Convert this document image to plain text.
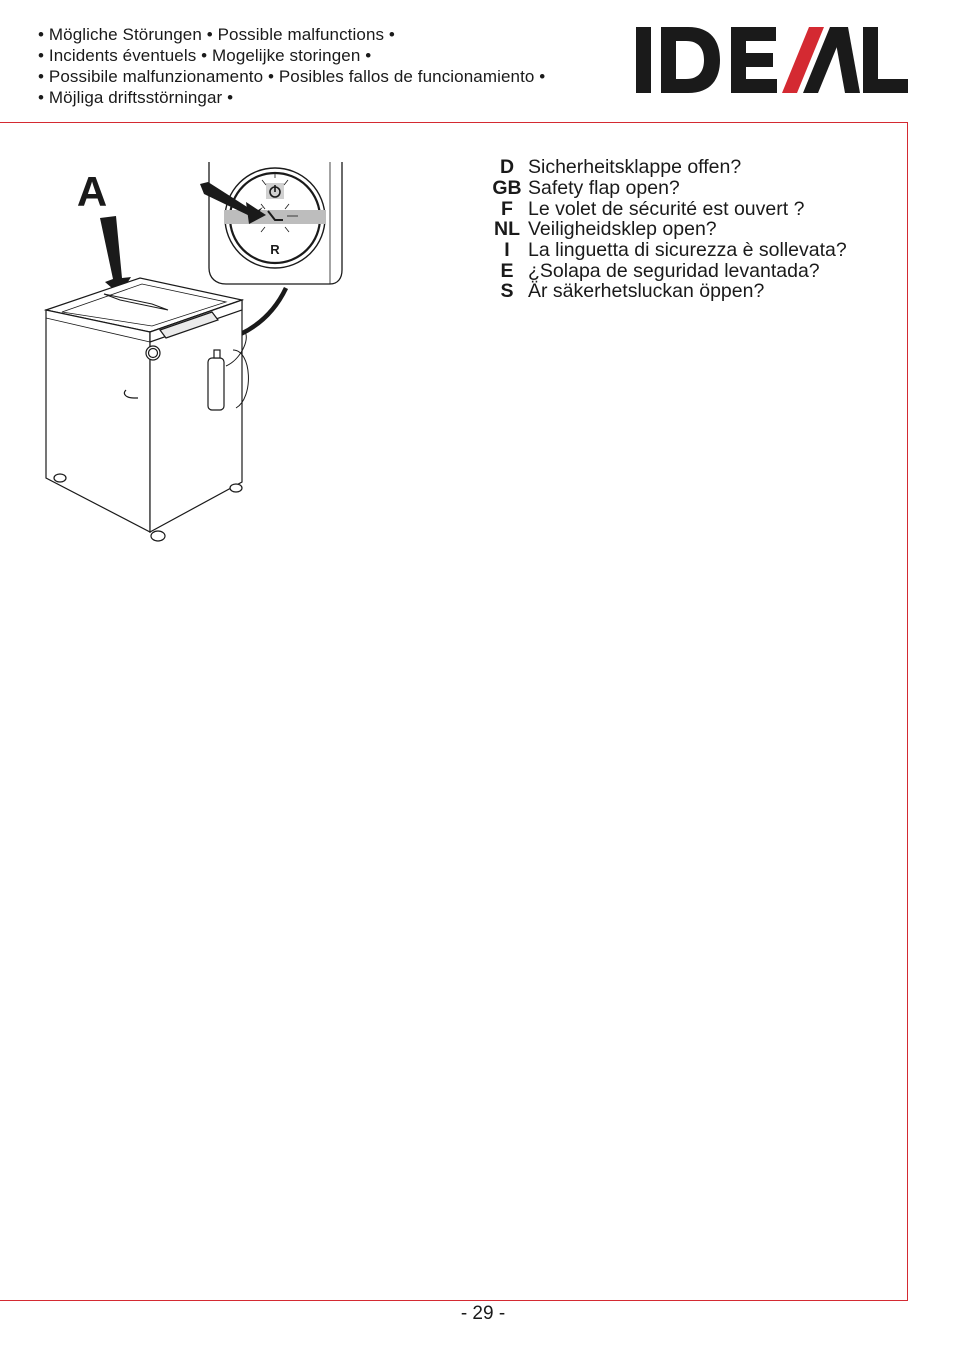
• Mögliche Störungen • Possible malfunctions •
• Incidents éventuels • Mogelijke storingen •
• Possibile malfunzionamento • Posibles fallos de funcionamiento •
• Möjliga driftsstörningar •
A
R
D Sicherheitsklappe offen?
GB Safety flap open?
F Le volet de sécurité est ouvert ?
NL Veiligheidsklep open?
I La linguetta di sicurezza è sollevata?
E ¿Solapa de seguridad levantada?
S Är säkerhetsluckan öppen?
- 29 -
